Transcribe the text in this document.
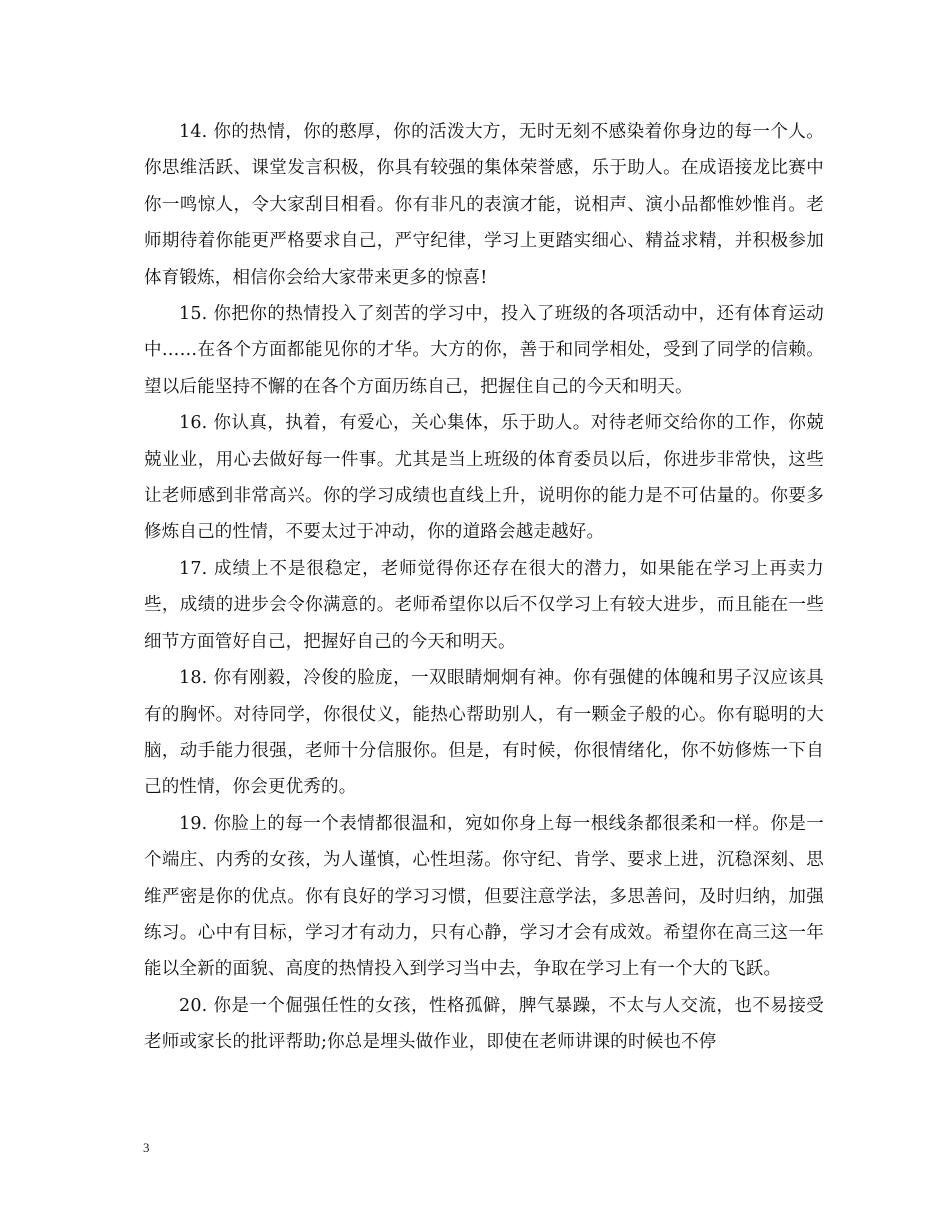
14. 你的热情，你的憨厚，你的活泼大方，无时无刻不感染着你身边的每一个人。你思维活跃、课堂发言积极，你具有较强的集体荣誉感，乐于助人。在成语接龙比赛中你一鸣惊人，令大家刮目相看。你有非凡的表演才能，说相声、演小品都惟妙惟肖。老师期待着你能更严格要求自己，严守纪律，学习上更踏实细心、精益求精，并积极参加体育锻炼，相信你会给大家带来更多的惊喜!

15. 你把你的热情投入了刻苦的学习中，投入了班级的各项活动中，还有体育运动中……在各个方面都能见你的才华。大方的你，善于和同学相处，受到了同学的信赖。望以后能坚持不懈的在各个方面历练自己，把握住自己的今天和明天。

16. 你认真，执着，有爱心，关心集体，乐于助人。对待老师交给你的工作，你兢兢业业，用心去做好每一件事。尤其是当上班级的体育委员以后，你进步非常快，这些让老师感到非常高兴。你的学习成绩也直线上升，说明你的能力是不可估量的。你要多修炼自己的性情，不要太过于冲动，你的道路会越走越好。

17. 成绩上不是很稳定，老师觉得你还存在很大的潜力，如果能在学习上再卖力些，成绩的进步会令你满意的。老师希望你以后不仅学习上有较大进步，而且能在一些细节方面管好自己，把握好自己的今天和明天。

18. 你有刚毅，冷俊的脸庞，一双眼睛炯炯有神。你有强健的体魄和男子汉应该具有的胸怀。对待同学，你很仗义，能热心帮助别人，有一颗金子般的心。你有聪明的大脑，动手能力很强，老师十分信服你。但是，有时候，你很情绪化，你不妨修炼一下自己的性情，你会更优秀的。

19. 你脸上的每一个表情都很温和，宛如你身上每一根线条都很柔和一样。你是一个端庄、内秀的女孩，为人谨慎，心性坦荡。你守纪、肯学、要求上进，沉稳深刻、思维严密是你的优点。你有良好的学习习惯，但要注意学法，多思善问，及时归纳，加强练习。心中有目标，学习才有动力，只有心静，学习才会有成效。希望你在高三这一年能以全新的面貌、高度的热情投入到学习当中去，争取在学习上有一个大的飞跃。

20. 你是一个倔强任性的女孩，性格孤僻，脾气暴躁，不太与人交流，也不易接受老师或家长的批评帮助;你总是埋头做作业，即使在老师讲课的时候也不停

3
